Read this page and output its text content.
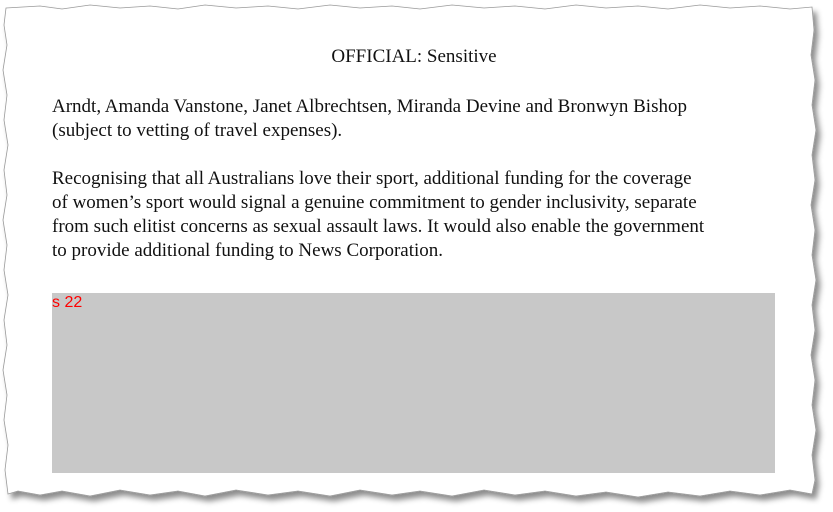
OFFICIAL: Sensitive

Arndt, Amanda Vanstone, Janet Albrechtsen, Miranda Devine and Bronwyn Bishop
(subject to vetting of travel expenses).

Recognising that all Australians love their sport, additional funding for the coverage
of women’s sport would signal a genuine commitment to gender inclusivity, separate
from such elitist concerns as sexual assault laws. It would also enable the government
to provide additional funding to News Corporation.

s 22
